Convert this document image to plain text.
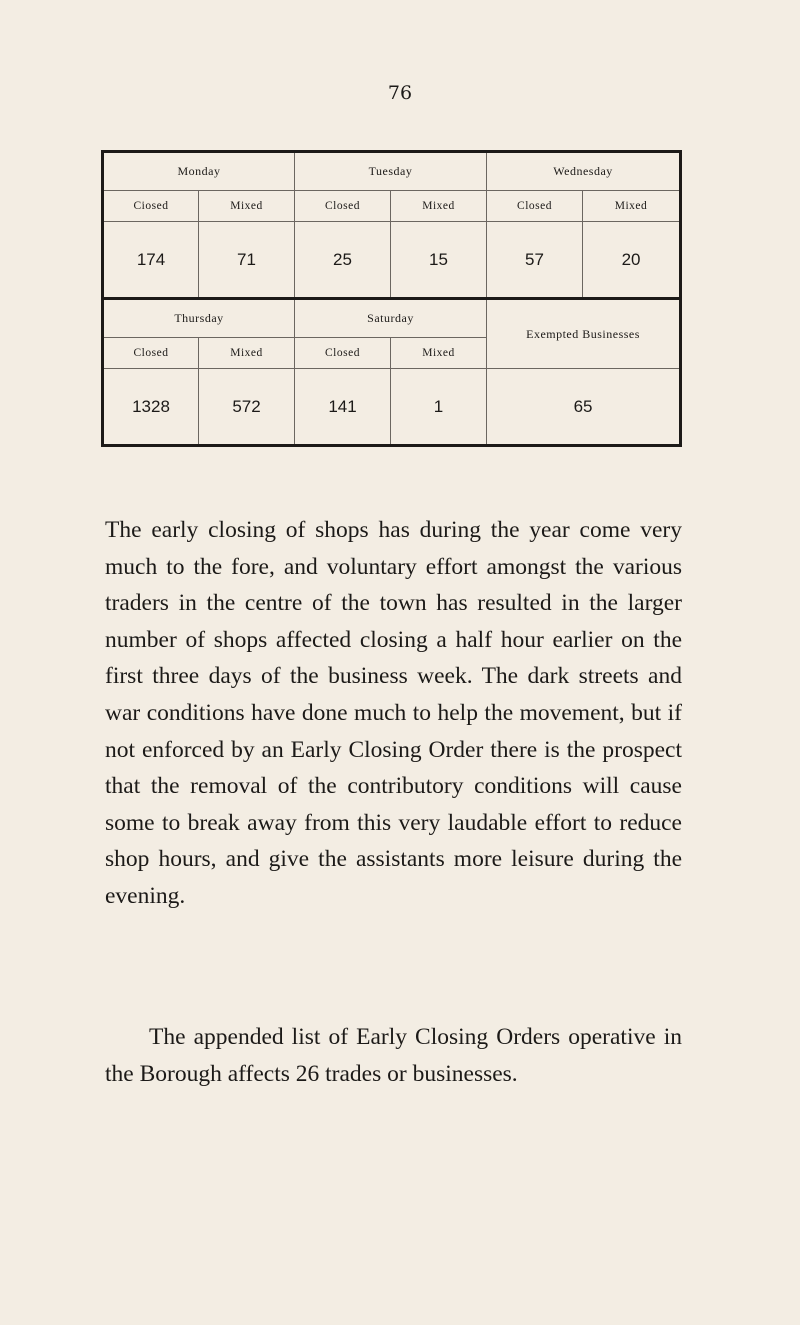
76
Monday		Tuesday		Wednesday	
Ciosed	Mixed	Closed	Mixed	Closed	Mixed
174	71	25	15	57	20
Thursday		Saturday		Exempted Businesses	
Closed	Mixed	Closed	Mixed		
1328	572	141	1	65	

The early closing of shops has during the year come very much to the fore, and voluntary effort amongst the various traders in the centre of the town has resulted in the larger number of shops affected closing a half hour earlier on the first three days of the business week. The dark streets and war conditions have done much to help the movement, but if not enforced by an Early Closing Order there is the prospect that the removal of the contributory conditions will cause some to break away from this very laudable effort to reduce shop hours, and give the assistants more leisure during the evening.

The appended list of Early Closing Orders operative in the Borough affects 26 trades or businesses.
